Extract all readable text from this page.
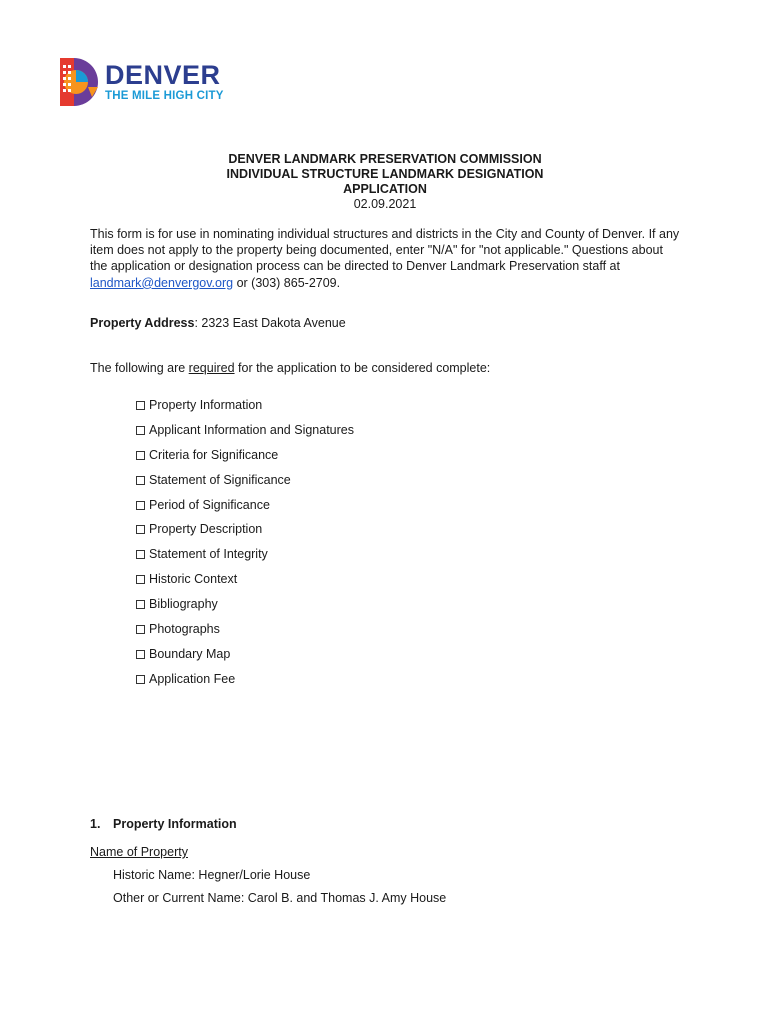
DENVER
THE MILE HIGH CITY
DENVER LANDMARK PRESERVATION COMMISSION
INDIVIDUAL STRUCTURE LANDMARK DESIGNATION
APPLICATION
02.09.2021
This form is for use in nominating individual structures and districts in the City and County of Denver. If any item does not apply to the property being documented, enter "N/A" for "not applicable." Questions about the application or designation process can be directed to Denver Landmark Preservation staff at landmark@denvergov.org or (303) 865-2709.
Property Address: 2323 East Dakota Avenue
The following are required for the application to be considered complete:
Property Information
Applicant Information and Signatures
Criteria for Significance
Statement of Significance
Period of Significance
Property Description
Statement of Integrity
Historic Context
Bibliography
Photographs
Boundary Map
Application Fee
1. Property Information
Name of Property
Historic Name: Hegner/Lorie House
Other or Current Name: Carol B. and Thomas J. Amy House
